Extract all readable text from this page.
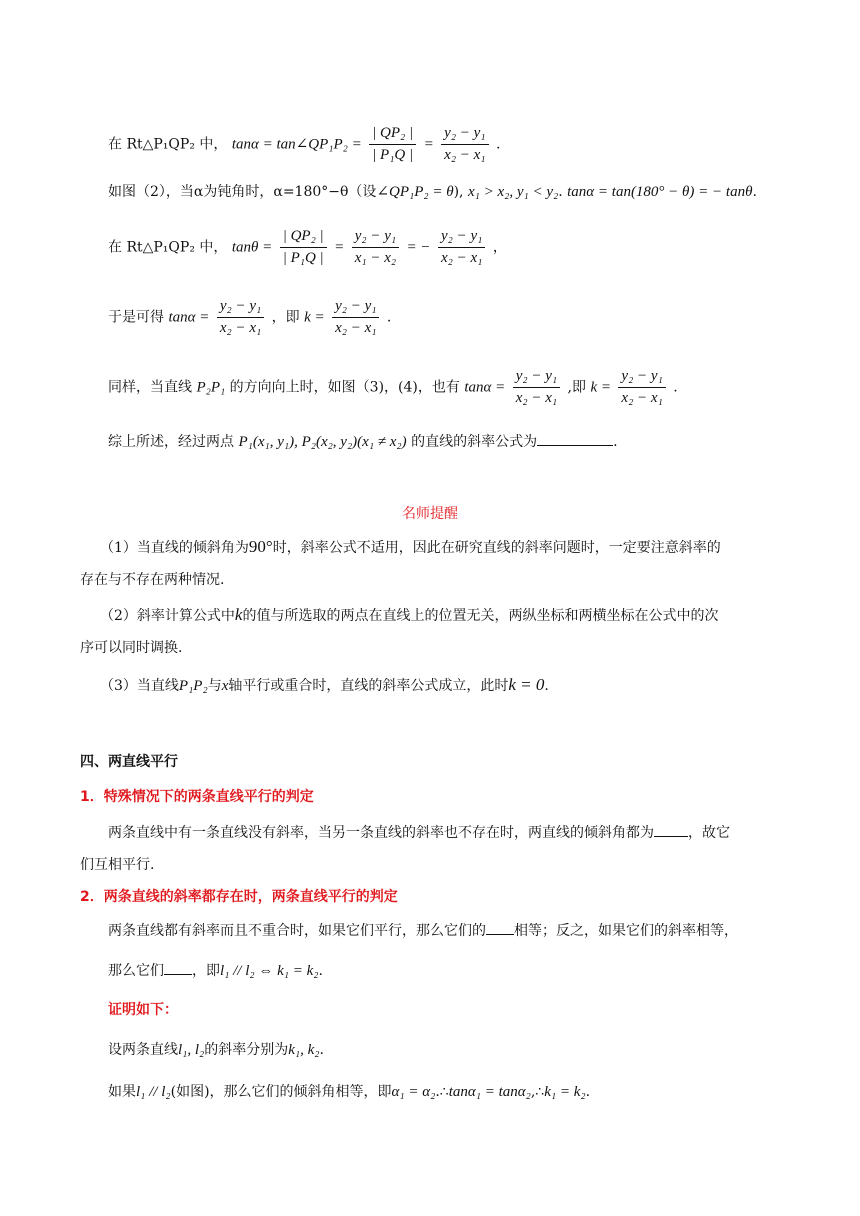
在 Rt△P₁QP₂ 中， tanα = tan∠QP₁P₂ = $\frac{\text{| QP₂ |}}{\text{| P₁Q |}} = \frac{\text{y₂ − y₁}}{\text{x₂ − x₁}}$ .
如图（2），当α为钝角时，α=180°−θ（设∠QP₁P₂ = θ), x₁ > x₂, y₁ < y₂. tanα = tan(180° − θ) = − tanθ.
在 Rt△P₁QP₂ 中， $\tan\theta = \frac{\text{| QP₂ |}}{\text{| P₁Q |}} = \frac{\text{y₂ − y₁}}{\text{x₁ − x₂}}$ = − $\frac{\text{y₂ − y₁}}{\text{x₂ − x₁}}$ ，
于是可得 $\tan\alpha = \frac{\text{y₂ − y₁}}{\text{x₂ − x₁}}$ ，即 $k = \frac{\text{y₂ − y₁}}{\text{x₂ − x₁}}$ .
同样，当直线 P₂P₁ 的方向向上时，如图（3)，(4)，也有 $\tan\alpha = \frac{\text{y₂ − y₁}}{\text{x₂ − x₁}}$ ,即 $k = \frac{\text{y₂ − y₁}}{\text{x₂ − x₁}}$ .
综上所述，经过两点 P₁(x₁, y₁), P₂(x₂, y₂)(x₁ ≠ x₂) 的直线的斜率公式为	.
名师提醒
（1）当直线的倾斜角为90°时，斜率公式不适用，因此在研究直线的斜率问题时，一定要注意斜率的
存在与不存在两种情况.
（2）斜率计算公式中k的值与所选取的两点在直线上的位置无关，两纵坐标和两横坐标在公式中的次
序可以同时调换.
（3）当直线P₁P₂与x轴平行或重合时，直线的斜率公式成立，此时k = 0.
四、两直线平行
1．特殊情况下的两条直线平行的判定
两条直线中有一条直线没有斜率，当另一条直线的斜率也不存在时，两直线的倾斜角都为 ，故它
们互相平行.
2．两条直线的斜率都存在时，两条直线平行的判定
两条直线都有斜率而且不重合时，如果它们平行，那么它们的 相等；反之，如果它们的斜率相等，
那么它们 ，即l₁ // l₂ ⇔ k₁ = k₂.
证明如下：
设两条直线l₁, l₂的斜率分别为k₁, k₂.
如果l₁ // l₂(如图)，那么它们的倾斜角相等，即α₁ = α₂.∴tanα₁ = tanα₂,∴k₁ = k₂.
